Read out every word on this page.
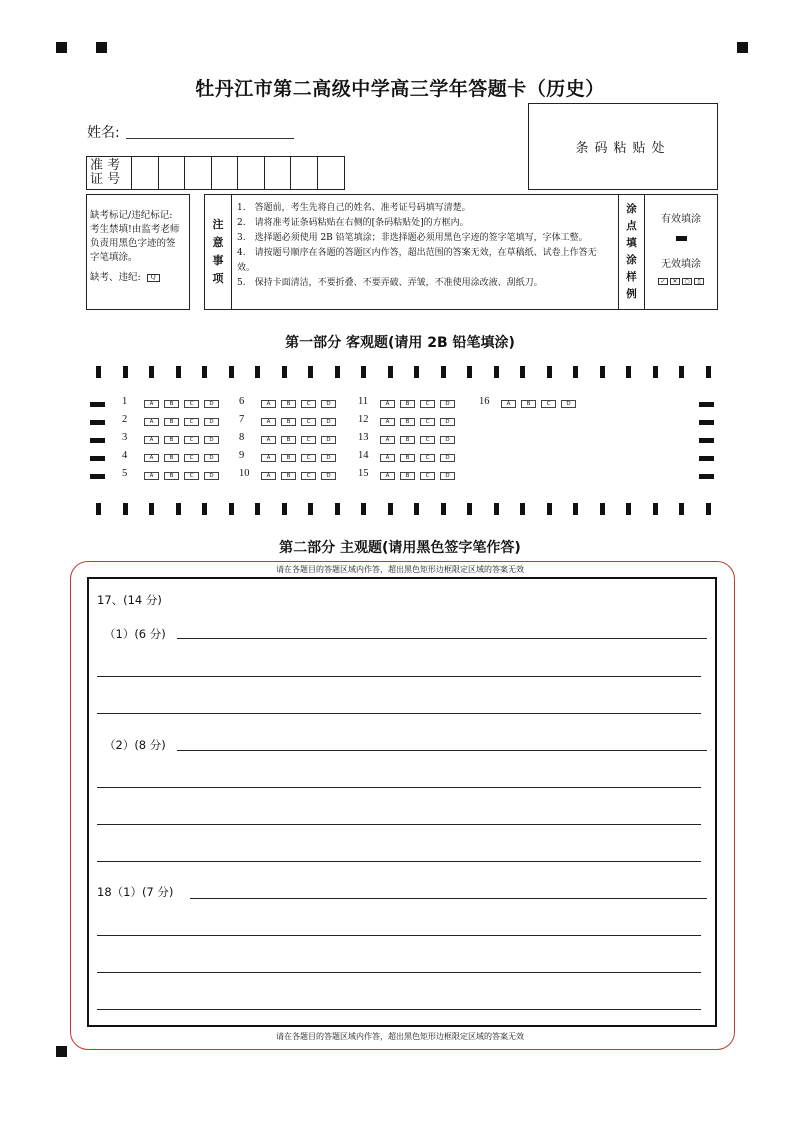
牡丹江市第二高级中学高三学年答题卡（历史）
姓名:
条码粘贴处
准 考
证 号

缺考标记/违纪标记:

考生禁填!由监考老师

负责用黑色字迹的签

字笔填涂。

缺考、违纪:	Q
注
意
事
项

1.　答题前，考生先将自己的姓名、准考证号码填写清楚。

2.　请将准考证条码粘贴在右侧的[条码粘贴处]的方框内。

3.　选择题必须使用 2B 铅笔填涂；非选择题必须用黑色字迹的签字笔填写，字体工整。

4.　请按题号顺序在各题的答题区内作答，超出范围的答案无效，在草稿纸、试卷上作答无效。

5.　保持卡面清洁，不要折叠、不要弄破、弄皱，不准使用涂改液、刮纸刀。

涂
点
填
涂
样
例
有效填涂
无效填涂
✓	✕	○	▯
第一部分 客观题(请用 2B 铅笔填涂)
1	A	B	C	D
2	A	B	C	D
3	A	B	C	D
4	A	B	C	D
5	A	B	C	D
6	A	B	C	D
7	A	B	C	D
8	A	B	C	D
9	A	B	C	D
10	A	B	C	D
11	A	B	C	D
12	A	B	C	D
13	A	B	C	D
14	A	B	C	D
15	A	B	C	D
16	A	B	C	D
第二部分 主观题(请用黑色签字笔作答)
请在各题目的答题区域内作答，超出黑色矩形边框限定区域的答案无效
请在各题目的答题区域内作答，超出黑色矩形边框限定区域的答案无效
17、(14 分)
（1）(6 分)
（2）(8 分)
18（1）(7 分)
